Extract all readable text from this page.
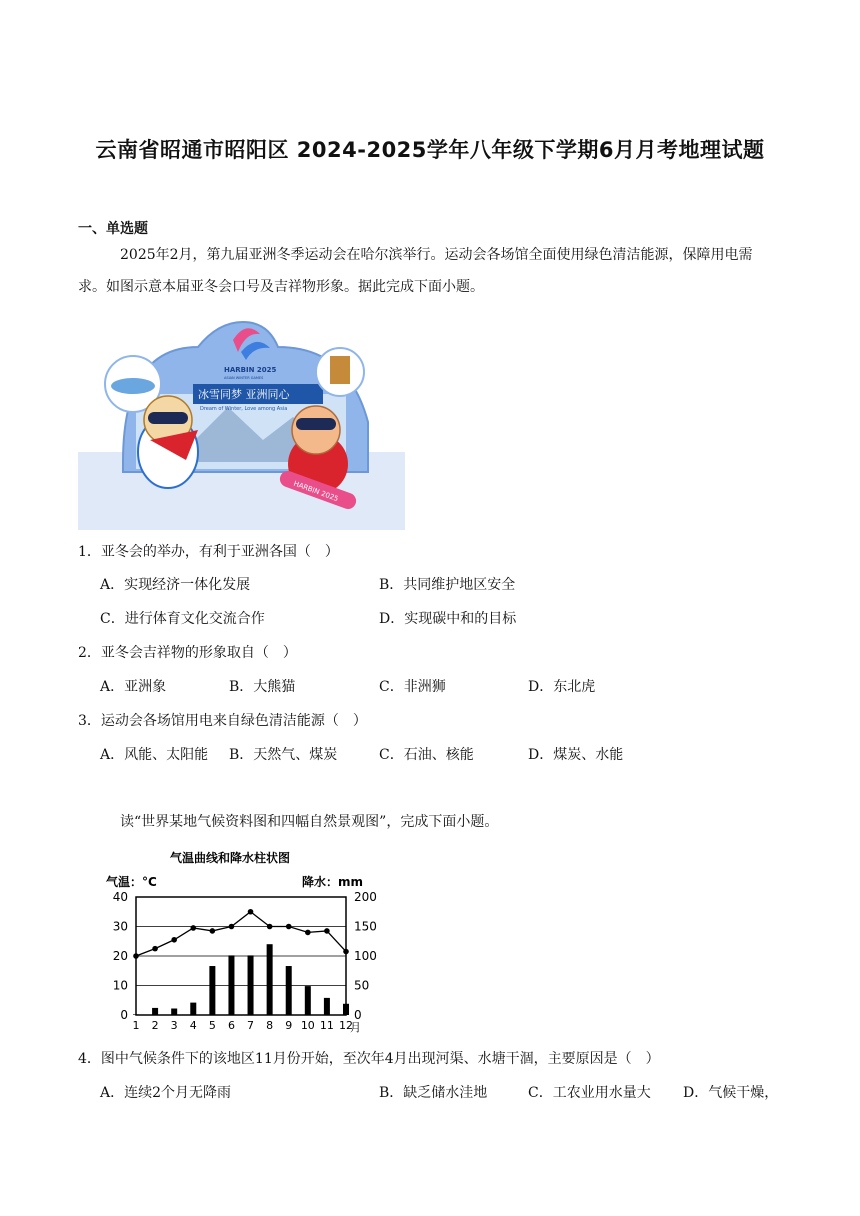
云南省昭通市昭阳区 2024-2025学年八年级下学期6月月考地理试题
一、单选题
2025年2月，第九届亚洲冬季运动会在哈尔滨举行。运动会各场馆全面使用绿色清洁能源，保障用电需求。如图示意本届亚冬会口号及吉祥物形象。据此完成下面小题。
冰雪同梦 亚洲同心
Dream of Winter, Love among Asia
HARBIN 2025
ASIAN WINTER GAMES
HARBIN 2025
1．亚冬会的举办，有利于亚洲各国（　）
A．实现经济一体化发展	B．共同维护地区安全
C．进行体育文化交流合作	D．实现碳中和的目标
2．亚冬会吉祥物的形象取自（　）
A．亚洲象	B．大熊猫	C．非洲狮	D．东北虎
3．运动会各场馆用电来自绿色清洁能源（　）
A．风能、太阳能 B．天然气、煤炭	C．石油、核能	D．煤炭、水能
读“世界某地气候资料图和四幅自然景观图”，完成下面小题。
气温曲线和降水柱状图
气温：°C	降水：mm
0
10
20
30
40
0
50
100
150
200
1 2 3 4 5 6 7 8 9 10 11 12
月
4．图中气候条件下的该地区11月份开始，至次年4月出现河渠、水塘干涸，主要原因是（　）
A．连续2个月无降雨	B．缺乏储水洼地	C．工农业用水量大 D．气候干燥，
